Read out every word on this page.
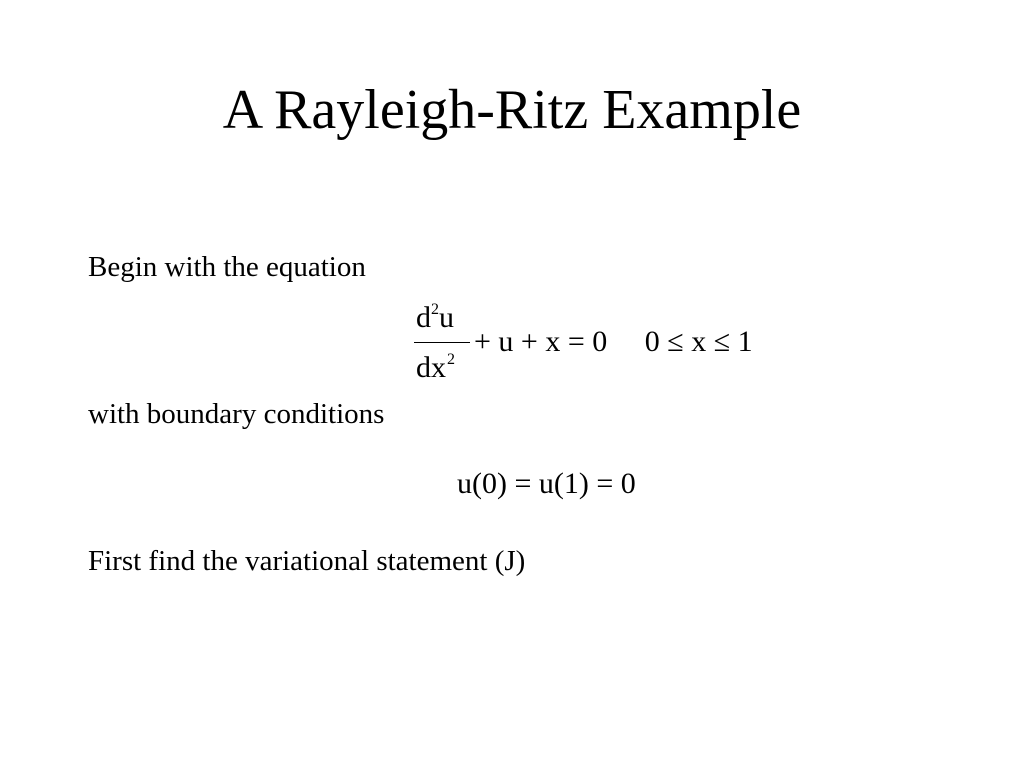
A Rayleigh-Ritz Example
Begin with the equation
$d^2u$
$dx^2$
+ u + x = 0     0 ≤ x ≤ 1
with boundary conditions
u(0) = u(1) = 0
First find the variational statement (J)
